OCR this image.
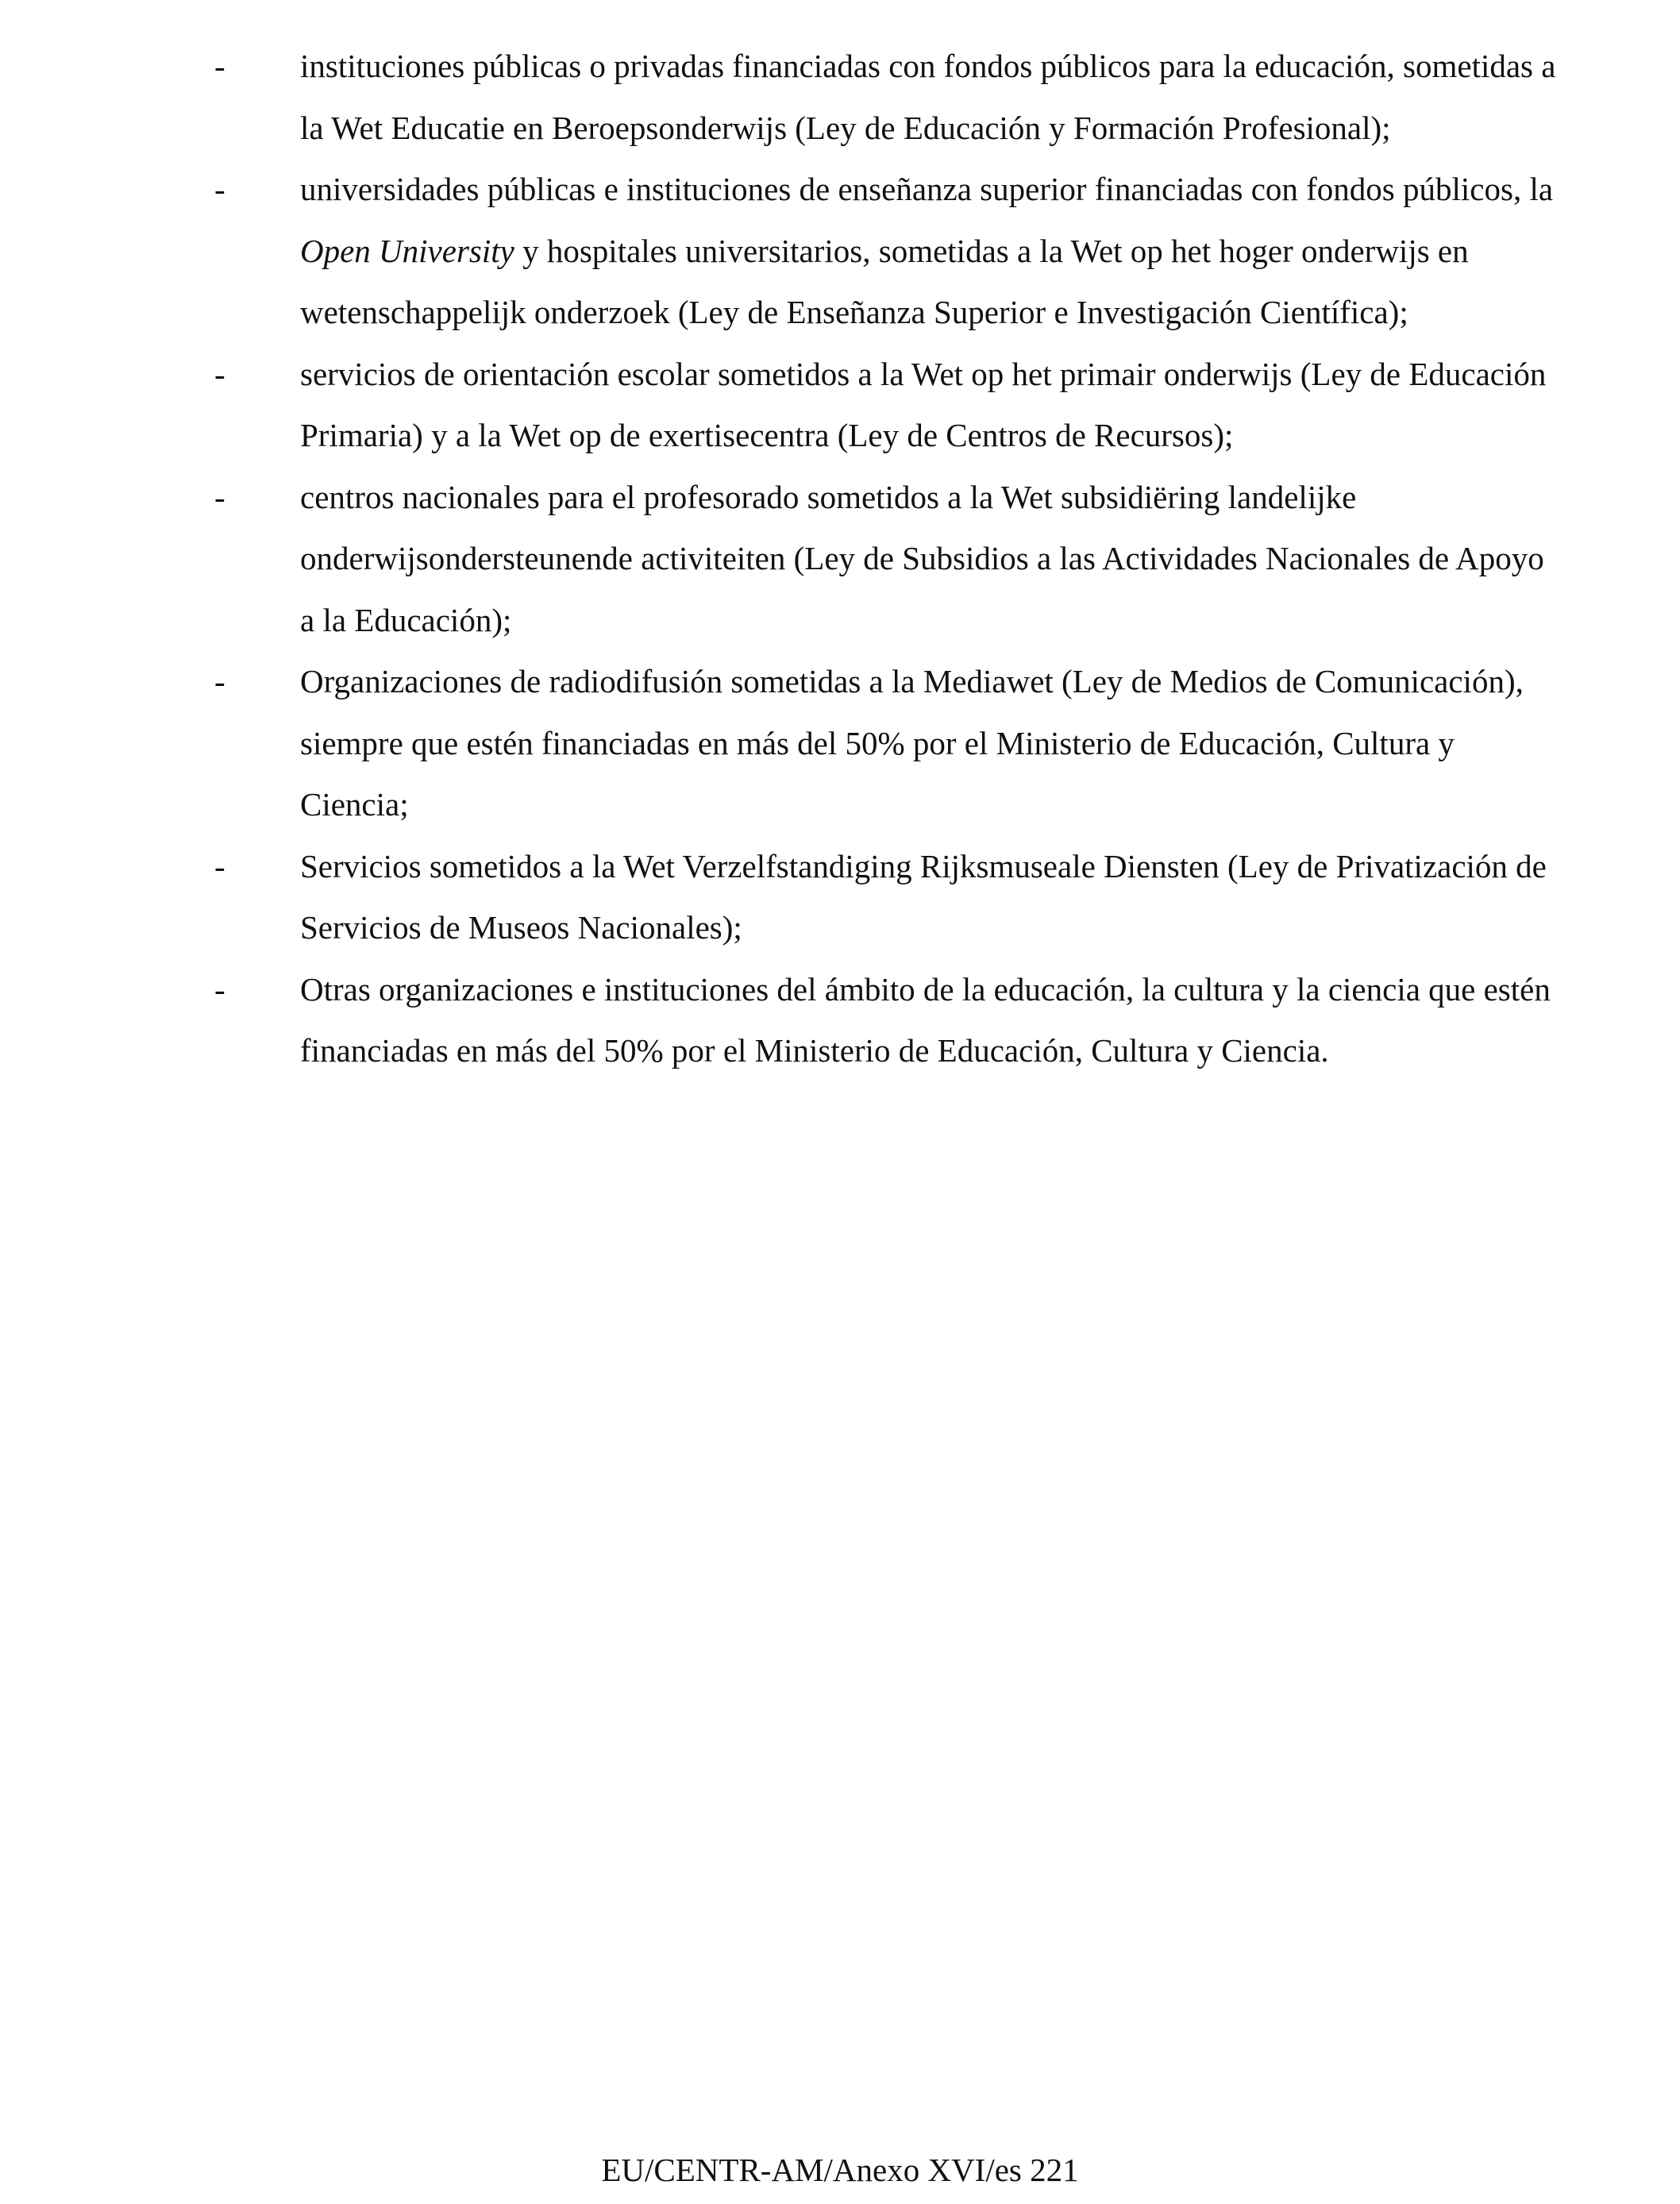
-	instituciones públicas o privadas financiadas con fondos públicos para la educación, sometidas a la Wet Educatie en Beroepsonderwijs (Ley de Educación y Formación Profesional);
-	universidades públicas e instituciones de enseñanza superior financiadas con fondos públicos, la Open University y hospitales universitarios, sometidas a la Wet op het hoger onderwijs en wetenschappelijk onderzoek (Ley de Enseñanza Superior e Investigación Científica);
-	servicios de orientación escolar sometidos a la Wet op het primair onderwijs (Ley de Educación Primaria) y a la Wet op de exertisecentra (Ley de Centros de Recursos);
-	centros nacionales para el profesorado sometidos a la Wet subsidiëring landelijke onderwijsondersteunende activiteiten (Ley de Subsidios a las Actividades Nacionales de Apoyo a la Educación);
-	Organizaciones de radiodifusión sometidas a la Mediawet (Ley de Medios de Comunicación), siempre que estén financiadas en más del 50% por el Ministerio de Educación, Cultura y Ciencia;
-	Servicios sometidos a la Wet Verzelfstandiging Rijksmuseale Diensten (Ley de Privatización de Servicios de Museos Nacionales);
-	Otras organizaciones e instituciones del ámbito de la educación, la cultura y la ciencia que estén financiadas en más del 50% por el Ministerio de Educación, Cultura y Ciencia.
EU/CENTR-AM/Anexo XVI/es 221
